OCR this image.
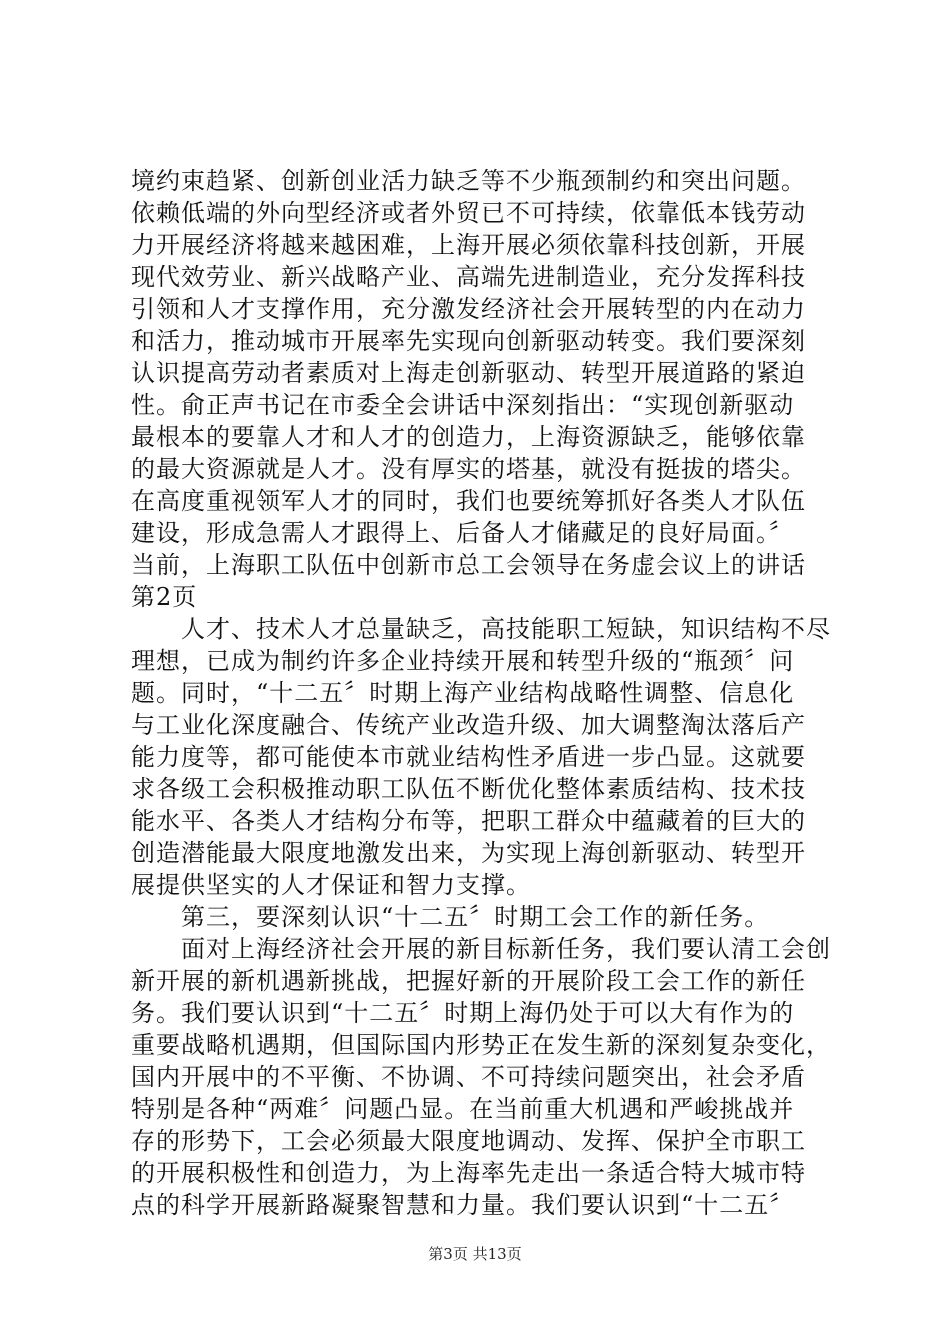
境约束趋紧、创新创业活力缺乏等不少瓶颈制约和突出问题。
依赖低端的外向型经济或者外贸已不可持续，依靠低本钱劳动
力开展经济将越来越困难，上海开展必须依靠科技创新，开展
现代效劳业、新兴战略产业、高端先进制造业，充分发挥科技
引领和人才支撑作用，充分激发经济社会开展转型的内在动力
和活力，推动城市开展率先实现向创新驱动转变。我们要深刻
认识提高劳动者素质对上海走创新驱动、转型开展道路的紧迫
性。俞正声书记在市委全会讲话中深刻指出：“实现创新驱动
最根本的要靠人才和人才的创造力，上海资源缺乏，能够依靠
的最大资源就是人才。没有厚实的塔基，就没有挺拔的塔尖。
在高度重视领军人才的同时，我们也要统筹抓好各类人才队伍
建设，形成急需人才跟得上、后备人才储藏足的良好局面。〞
当前，上海职工队伍中创新市总工会领导在务虚会议上的讲话
第2页
　　人才、技术人才总量缺乏，高技能职工短缺，知识结构不尽
理想，已成为制约许多企业持续开展和转型升级的“瓶颈〞问
题。同时，“十二五〞时期上海产业结构战略性调整、信息化
与工业化深度融合、传统产业改造升级、加大调整淘汰落后产
能力度等，都可能使本市就业结构性矛盾进一步凸显。这就要
求各级工会积极推动职工队伍不断优化整体素质结构、技术技
能水平、各类人才结构分布等，把职工群众中蕴藏着的巨大的
创造潜能最大限度地激发出来，为实现上海创新驱动、转型开
展提供坚实的人才保证和智力支撑。
　　第三，要深刻认识“十二五〞时期工会工作的新任务。
　　面对上海经济社会开展的新目标新任务，我们要认清工会创
新开展的新机遇新挑战，把握好新的开展阶段工会工作的新任
务。我们要认识到“十二五〞时期上海仍处于可以大有作为的
重要战略机遇期，但国际国内形势正在发生新的深刻复杂变化，
国内开展中的不平衡、不协调、不可持续问题突出，社会矛盾
特别是各种“两难〞问题凸显。在当前重大机遇和严峻挑战并
存的形势下，工会必须最大限度地调动、发挥、保护全市职工
的开展积极性和创造力，为上海率先走出一条适合特大城市特
点的科学开展新路凝聚智慧和力量。我们要认识到“十二五〞
第3页 共13页
